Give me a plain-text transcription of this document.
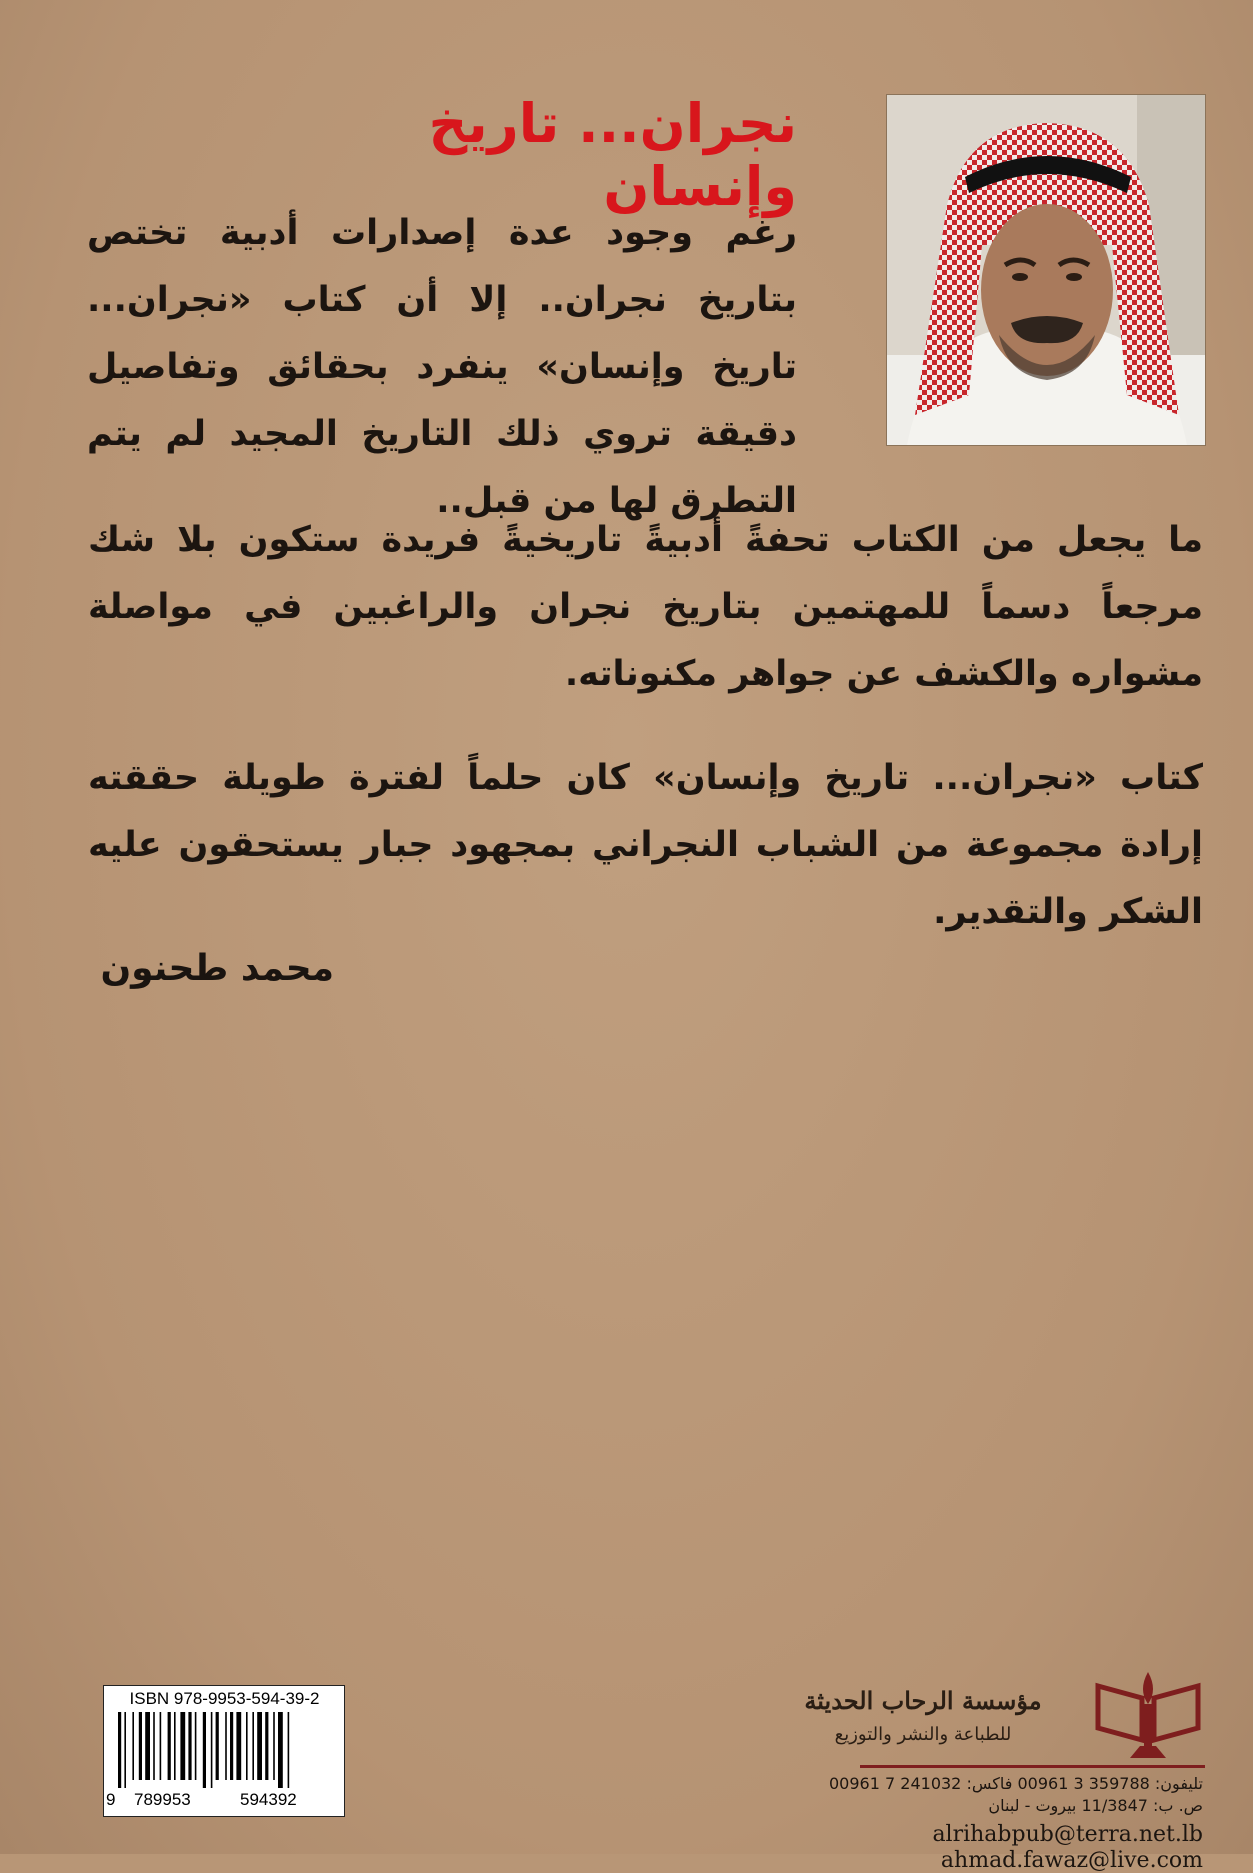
نجران... تاريخ وإنسان
رغم وجود عدة إصدارات أدبية تختص بتاريخ نجران.. إلا أن كتاب «نجران... تاريخ وإنسان» ينفرد بحقائق وتفاصيل دقيقة تروي ذلك التاريخ المجيد لم يتم التطرق لها من قبل..
ما يجعل من الكتاب تحفةً أدبيةً تاريخيةً فريدة ستكون بلا شك مرجعاً دسماً للمهتمين بتاريخ نجران والراغبين في مواصلة مشواره والكشف عن جواهر مكنوناته.
كتاب «نجران... تاريخ وإنسان» كان حلماً لفترة طويلة حققته إرادة مجموعة من الشباب النجراني بمجهود جبار يستحقون عليه الشكر والتقدير.
محمد طحنون
ISBN 978-9953-594-39-2
9 789953	594392
مؤسسة الرحاب الحديثة
للطباعة والنشر والتوزيع
تليفون: 359788 3 00961 فاكس: 241032 7 00961
ص. ب: 11/3847 بيروت - لبنان
alrihabpub@terra.net.lb
ahmad.fawaz@live.com
